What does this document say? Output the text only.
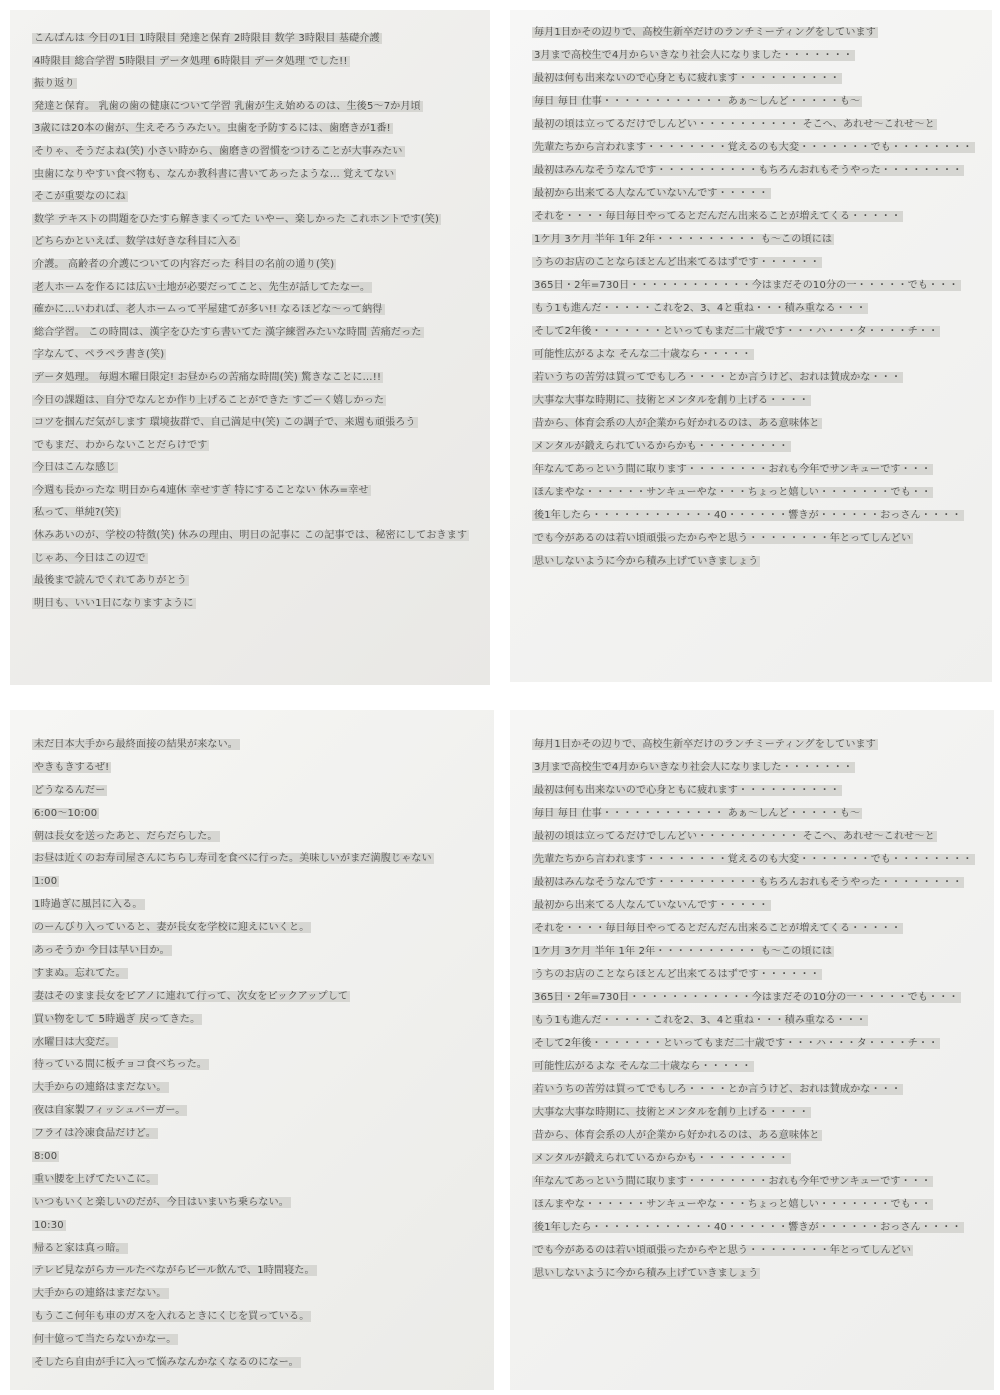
こんばんは 今日の1日 1時限目 発達と保育 2時限目 数学 3時限目 基礎介護
4時限目 総合学習 5時限目 データ処理 6時限目 データ処理 でした!!
振り返り
発達と保育。 乳歯の歯の健康について学習 乳歯が生え始めるのは、生後5〜7か月頃
3歳には20本の歯が、生えそろうみたい。虫歯を予防するには、歯磨きが1番!
そりゃ、そうだよね(笑) 小さい時から、歯磨きの習慣をつけることが大事みたい
虫歯になりやすい食べ物も、なんか教科書に書いてあったような… 覚えてない
そこが重要なのにね
数学 テキストの問題をひたすら解きまくってた いやー、楽しかった これホントです(笑)
どちらかといえば、数学は好きな科目に入る
介護。 高齢者の介護についての内容だった 科目の名前の通り(笑)
老人ホームを作るには広い土地が必要だってこと、先生が話してたなー。
確かに…いわれば、老人ホームって平屋建てが多い!! なるほどな〜って納得
総合学習。 この時間は、漢字をひたすら書いてた 漢字練習みたいな時間 苦痛だった
字なんて、ペラペラ書き(笑)
データ処理。 毎週木曜日限定! お昼からの苦痛な時間(笑) 驚きなことに…!!
今日の課題は、自分でなんとか作り上げることができた すごーく嬉しかった
コツを掴んだ気がします 環境抜群で、自己満足中(笑) この調子で、来週も頑張ろう
でもまだ、わからないことだらけです
今日はこんな感じ
今週も長かったな 明日から4連休 幸せすぎ 特にすることない 休み=幸せ
私って、単純?(笑)
休みあいのが、学校の特徴(笑) 休みの理由、明日の記事に この記事では、秘密にしておきます
じゃあ、今日はこの辺で
最後まで読んでくれてありがとう
明日も、いい1日になりますように
毎月1日かその辺りで、高校生新卒だけのランチミーティングをしています
3月まで高校生で4月からいきなり社会人になりました・・・・・・・
最初は何も出来ないので心身ともに疲れます・・・・・・・・・・
毎日 毎日 仕事・・・・・・・・・・・・ あぁ〜しんど・・・・・も〜
最初の頃は立ってるだけでしんどい・・・・・・・・・・ そこへ、あれせ〜これせ〜と
先輩たちから言われます・・・・・・・・覚えるのも大変・・・・・・・でも・・・・・・・・
最初はみんなそうなんです・・・・・・・・・・もちろんおれもそうやった・・・・・・・・
最初から出来てる人なんていないんです・・・・・
それを・・・・毎日毎日やってるとだんだん出来ることが増えてくる・・・・・
1ケ月 3ケ月 半年 1年 2年・・・・・・・・・・ も〜この頃には
うちのお店のことならほとんど出来てるはずです・・・・・・
365日・2年=730日・・・・・・・・・・・・今はまだその10分の一・・・・・でも・・・
もう1も進んだ・・・・・これを2、3、4と重ね・・・積み重なる・・・
そして2年後・・・・・・・といってもまだ二十歳です・・・ハ・・・タ・・・・チ・・
可能性広がるよな そんな二十歳なら・・・・・
若いうちの苦労は買ってでもしろ・・・・とか言うけど、おれは賛成かな・・・
大事な大事な時期に、技術とメンタルを創り上げる・・・・
昔から、体育会系の人が企業から好かれるのは、ある意味体と
メンタルが鍛えられているからかも・・・・・・・・・
年なんてあっという間に取ります・・・・・・・・おれも今年でサンキューです・・・
ほんまやな・・・・・・サンキューやな・・・ちょっと嬉しい・・・・・・・でも・・
後1年したら・・・・・・・・・・・・40・・・・・・響きが・・・・・・おっさん・・・・
でも今があるのは若い頃頑張ったからやと思う・・・・・・・・年とってしんどい
思いしないように今から積み上げていきましょう
未だ日本大手から最終面接の結果が来ない。
やきもきするぜ!
どうなるんだー
6:00〜10:00
朝は長女を送ったあと、だらだらした。
お昼は近くのお寿司屋さんにちらし寿司を食べに行った。美味しいがまだ満腹じゃない
1:00
1時過ぎに風呂に入る。
のーんびり入っていると、妻が長女を学校に迎えにいくと。
あっそうか 今日は早い日か。
すまぬ。忘れてた。
妻はそのまま長女をピアノに連れて行って、次女をピックアップして
買い物をして 5時過ぎ 戻ってきた。
水曜日は大変だ。
待っている間に板チョコ食べちった。
大手からの連絡はまだない。
夜は自家製フィッシュバーガー。
フライは冷凍食品だけど。
8:00
重い腰を上げてたいこに。
いつもいくと楽しいのだが、今日はいまいち乗らない。
10:30
帰ると家は真っ暗。
テレビ見ながらカールたべながらビール飲んで、1時間寝た。
大手からの連絡はまだない。
もうここ何年も車のガスを入れるときにくじを買っている。
何十億って当たらないかなー。
そしたら自由が手に入って悩みなんかなくなるのになー。
毎月1日かその辺りで、高校生新卒だけのランチミーティングをしています
3月まで高校生で4月からいきなり社会人になりました・・・・・・・
最初は何も出来ないので心身ともに疲れます・・・・・・・・・・
毎日 毎日 仕事・・・・・・・・・・・・ あぁ〜しんど・・・・・も〜
最初の頃は立ってるだけでしんどい・・・・・・・・・・ そこへ、あれせ〜これせ〜と
先輩たちから言われます・・・・・・・・覚えるのも大変・・・・・・・でも・・・・・・・・
最初はみんなそうなんです・・・・・・・・・・もちろんおれもそうやった・・・・・・・・
最初から出来てる人なんていないんです・・・・・
それを・・・・毎日毎日やってるとだんだん出来ることが増えてくる・・・・・
1ケ月 3ケ月 半年 1年 2年・・・・・・・・・・ も〜この頃には
うちのお店のことならほとんど出来てるはずです・・・・・・
365日・2年=730日・・・・・・・・・・・・今はまだその10分の一・・・・・でも・・・
もう1も進んだ・・・・・これを2、3、4と重ね・・・積み重なる・・・
そして2年後・・・・・・・といってもまだ二十歳です・・・ハ・・・タ・・・・チ・・
可能性広がるよな そんな二十歳なら・・・・・
若いうちの苦労は買ってでもしろ・・・・とか言うけど、おれは賛成かな・・・
大事な大事な時期に、技術とメンタルを創り上げる・・・・
昔から、体育会系の人が企業から好かれるのは、ある意味体と
メンタルが鍛えられているからかも・・・・・・・・・
年なんてあっという間に取ります・・・・・・・・おれも今年でサンキューです・・・
ほんまやな・・・・・・サンキューやな・・・ちょっと嬉しい・・・・・・・でも・・
後1年したら・・・・・・・・・・・・40・・・・・・響きが・・・・・・おっさん・・・・
でも今があるのは若い頃頑張ったからやと思う・・・・・・・・年とってしんどい
思いしないように今から積み上げていきましょう
